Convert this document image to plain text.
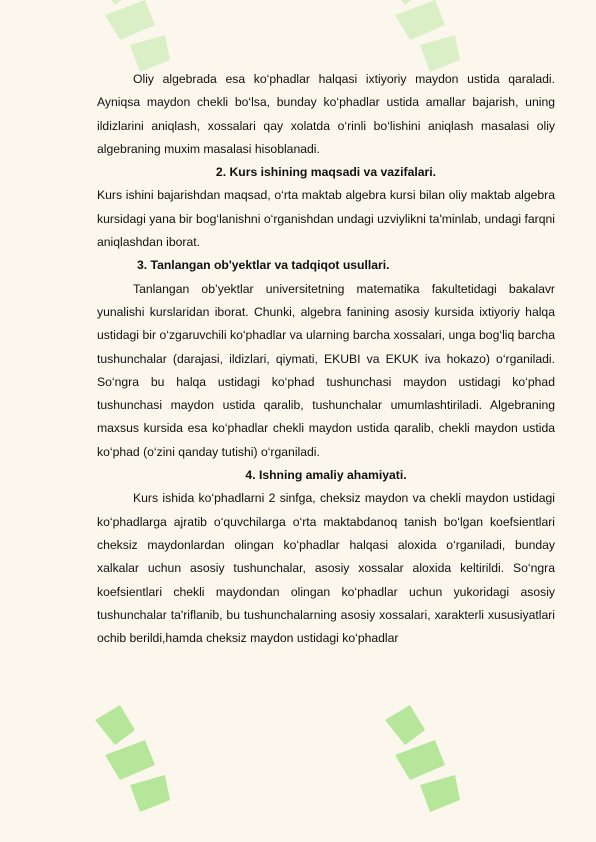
Oliy algebrada esa ko‘phadlar halqasi ixtiyoriy maydon ustida qaraladi. Ayniqsa maydon chekli bo‘lsa, bunday ko‘phadlar ustida amallar bajarish, uning ildizlarini aniqlash, xossalari qay xolatda o‘rinli bo‘lishini aniqlash masalasi oliy algebraning muxim masalasi hisoblanadi.

2. Kurs ishining maqsadi va vazifalari.

Kurs ishini bajarishdan maqsad, o‘rta maktab algebra kursi bilan oliy maktab algebra kursidagi yana bir bog‘lanishni o‘rganishdan undagi uzviylikni ta'minlab, undagi farqni aniqlashdan iborat.

3. Tanlangan ob'yektlar va tadqiqot usullari.

Tanlangan ob’yektlar universitetning matematika fakultetidagi bakalavr yunalishi kurslaridan iborat. Chunki, algebra fanining asosiy kursida ixtiyoriy halqa ustidagi bir o‘zgaruvchili ko‘phadlar va ularning barcha xossalari, unga bog‘liq barcha tushunchalar (darajasi, ildizlari, qiymati, EKUBI va EKUK iva hokazo) o‘rganiladi. So‘ngra bu halqa ustidagi ko‘phad tushunchasi maydon ustidagi ko‘phad tushunchasi maydon ustida qaralib, tushunchalar umumlashtiriladi. Algebraning maxsus kursida esa ko‘phadlar chekli maydon ustida qaralib, chekli maydon ustida ko‘phad (o‘zini qanday tutishi) o‘rganiladi.

4. Ishning amaliy ahamiyati.

Kurs ishida ko‘phadlarni 2 sinfga, cheksiz maydon va chekli maydon ustidagi ko‘phadlarga ajratib o‘quvchilarga o‘rta maktabdanoq tanish bo‘lgan koefsientlari cheksiz maydonlardan olingan ko‘phadlar halqasi aloxida o‘rganiladi, bunday xalkalar uchun asosiy tushunchalar, asosiy xossalar aloxida keltirildi. So‘ngra koefsientlari chekli maydondan olingan ko‘phadlar uchun yukoridagi asosiy tushunchalar ta'riflanib, bu tushunchalarning asosiy xossalari, xarakterli xususiyatlari ochib berildi,hamda cheksiz maydon ustidagi ko‘phadlar
